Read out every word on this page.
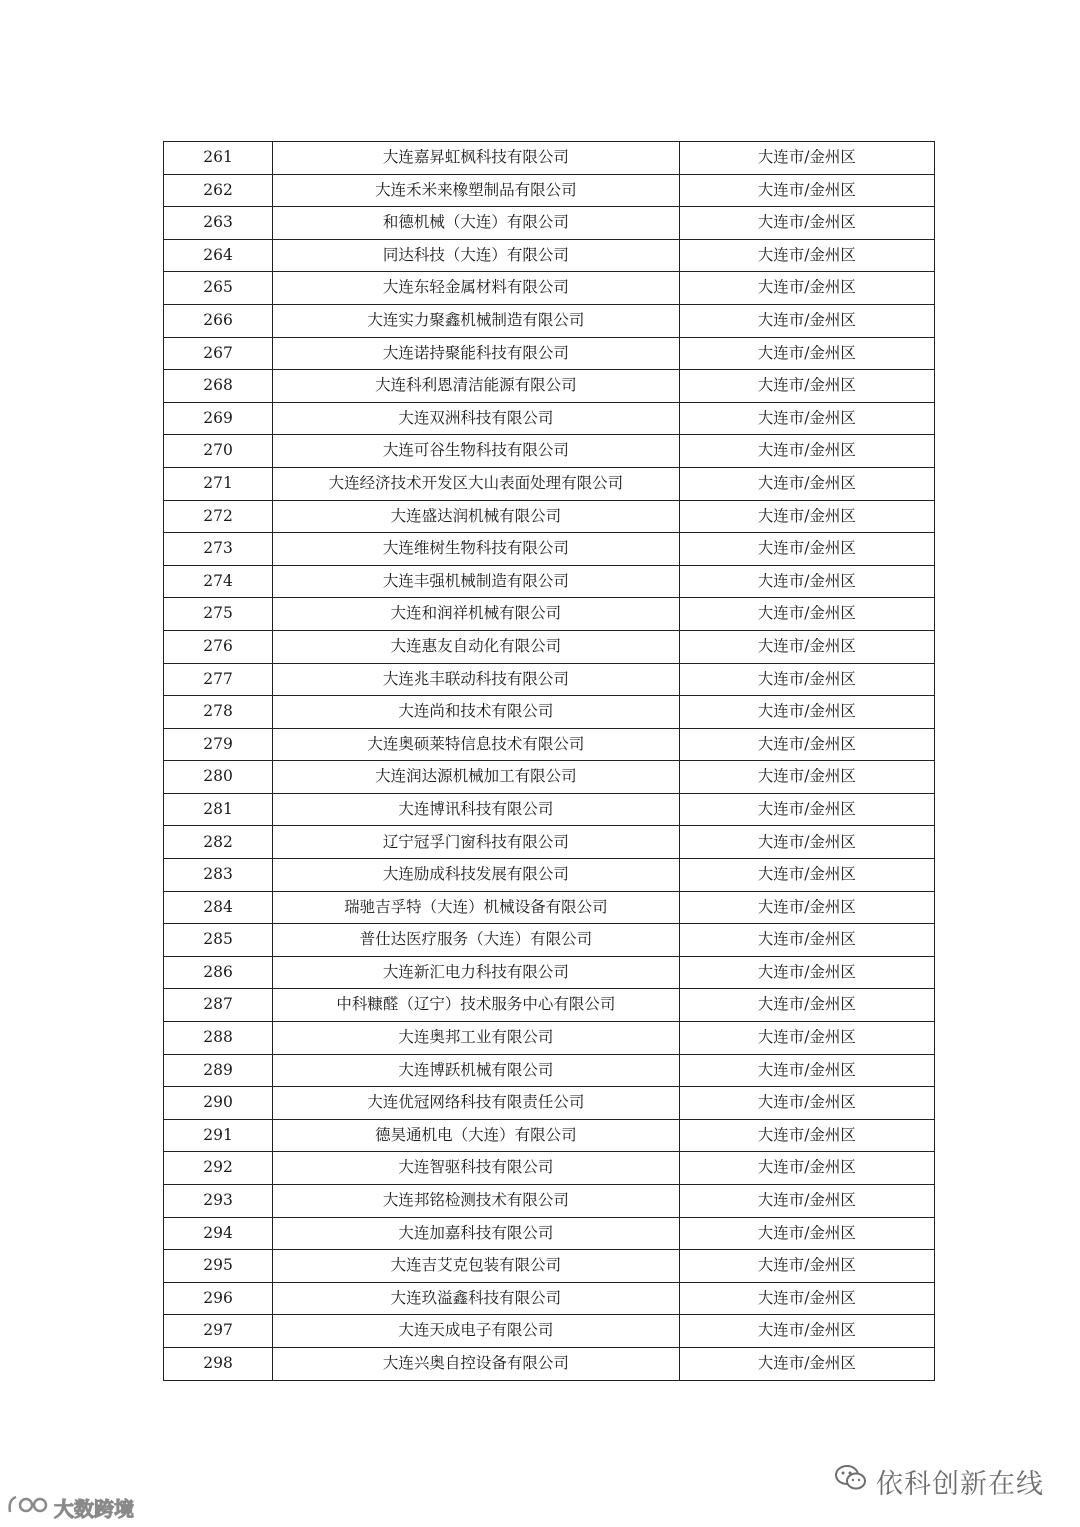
261	大连嘉昇虹枫科技有限公司	大连市/金州区
262	大连禾米来橡塑制品有限公司	大连市/金州区
263	和德机械（大连）有限公司	大连市/金州区
264	同达科技（大连）有限公司	大连市/金州区
265	大连东轻金属材料有限公司	大连市/金州区
266	大连实力聚鑫机械制造有限公司	大连市/金州区
267	大连诺持聚能科技有限公司	大连市/金州区
268	大连科利恩清洁能源有限公司	大连市/金州区
269	大连双洲科技有限公司	大连市/金州区
270	大连可谷生物科技有限公司	大连市/金州区
271	大连经济技术开发区大山表面处理有限公司	大连市/金州区
272	大连盛达润机械有限公司	大连市/金州区
273	大连维树生物科技有限公司	大连市/金州区
274	大连丰强机械制造有限公司	大连市/金州区
275	大连和润祥机械有限公司	大连市/金州区
276	大连惠友自动化有限公司	大连市/金州区
277	大连兆丰联动科技有限公司	大连市/金州区
278	大连尚和技术有限公司	大连市/金州区
279	大连奥硕莱特信息技术有限公司	大连市/金州区
280	大连润达源机械加工有限公司	大连市/金州区
281	大连博讯科技有限公司	大连市/金州区
282	辽宁冠孚门窗科技有限公司	大连市/金州区
283	大连励成科技发展有限公司	大连市/金州区
284	瑞驰吉孚特（大连）机械设备有限公司	大连市/金州区
285	普仕达医疗服务（大连）有限公司	大连市/金州区
286	大连新汇电力科技有限公司	大连市/金州区
287	中科糠醛（辽宁）技术服务中心有限公司	大连市/金州区
288	大连奥邦工业有限公司	大连市/金州区
289	大连博跃机械有限公司	大连市/金州区
290	大连优冠网络科技有限责任公司	大连市/金州区
291	德昊通机电（大连）有限公司	大连市/金州区
292	大连智驱科技有限公司	大连市/金州区
293	大连邦铭检测技术有限公司	大连市/金州区
294	大连加嘉科技有限公司	大连市/金州区
295	大连吉艾克包装有限公司	大连市/金州区
296	大连玖溢鑫科技有限公司	大连市/金州区
297	大连天成电子有限公司	大连市/金州区
298	大连兴奥自控设备有限公司	大连市/金州区
依科创新在线
大数跨境
